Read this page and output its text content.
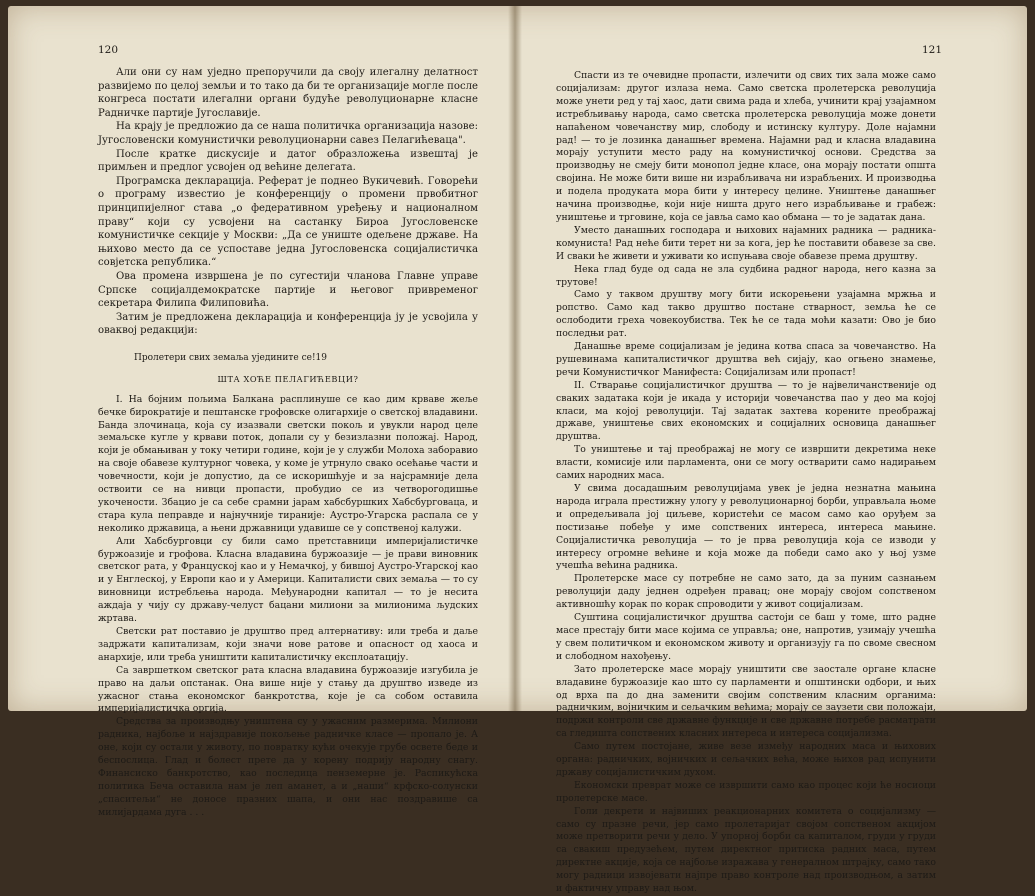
120	121

Али они су нам уједно препоручили да своју илегалну делатност развијемо по целој земљи и то тако да би те организације могле после конгреса постати илегални органи будуће револуционарне класне Радничке партије Југославије.

На крају је предложио да се наша политичка организација назове: Југословенски комунистички револуционарни савез Пелагићеваца".

После кратке дискусије и датог образложења извештај је примљен и предлог усвојен од већине делегата.

Програмска декларација. Реферат је поднео Вукичевић. Говорећи о програму известио је конференцију о промени првобитног принципијелног става „о федеративном уређењу и националном праву“ који су усвојени на састанку Бироа Југословенске комунистичке секције у Москви: „Да се униште одељене државе. На њихово место да се успоставе једна Југословенска социјалистичка совјетска република.“

Ова промена извршена је по сугестији чланова Главне управе Српске социјалдемократске партије и његовог привременог секретара Филипа Филиповића.

Затим је предложена декларација и конференција ју је усвојила у оваквој редакцији:

Пролетери свих земаља уједините се!19

ШТА ХОЋЕ ПЕЛАГИЋЕВЦИ?

I. На бојним пољима Балкана расплинуше се као дим крваве жеље бечке бирократије и пештанске грофовске олигархије о светској владавини. Банда злочинаца, која су изазвали светски покољ и увукли народ целе земаљске кугле у крвави поток, допали су у безизлазни положај. Народ, који је обмањиван у току четири године, који је у служби Молоха заборавио на своје обавезе културног човека, у коме је утрнуло свако осећање части и човечности, који је допустио, да се искоришћује и за најсрамније дела оствоити се на нивци пропасти, пробудио се из четворогодишње укочености. Збацио је са себе срамни јарам хабсбуршких Хабсбурговаца, и стара кула пеправде и најнучније тираније: Аустро-Угарска распала се у неколико државица, а њени државници удавише се у сопственој калужи.

Али Хабсбурговци су били само претставници империјалистичке буржоазије и грофова. Класна владавина буржоазије — је прави виновник светског рата, у Француској као и у Немачкој, у бившој Аустро-Угарској као и у Енглеској, у Европи као и у Америци. Капиталисти свих земаља — то су виновници истребљења народа. Међународни капитал — то је несита аждаја у чију су државу-челуст бацани милиони за милионима људских жртава.

Светски рат поставио је друштво пред алтернативу: или треба и даље задржати капитализам, који значи нове ратове и опасност од хаоса и анархије, или треба уништити капиталистичку експлоатацију.

Са завршетком светског рата класна владавина буржоазије изгубила је право на даљи опстанак. Она више није у стању да друштво изведе из ужасног стања економског банкротства, које је са собом оставила империјалистичка оргија.

Средства за производњу уништена су у ужасним размерима. Милиони радника, најбоље и најздравије покољење радничке класе — пропало је. А оне, који су остали у животу, по повратку кући очекује грубе освете беде и беспослица. Глад и болест прете да у корену подрију народну снагу. Финансиско банкротство, као последица пенземерне је. Распикућска политика Беча оставила нам је леп аманет, а и „наши“ крфско-солунски „спаситељи“ не доносе празних шапа, и они нас поздравише са милијардама дуга . . .

Спасти из те очевидне пропасти, излечити од свих тих зала може само социјализам: другог излаза нема. Само светска пролетерска револуција може унети ред у тај хаос, дати свима рада и хлеба, учинити крај узајамном истребљивању народа, само светска пролетерска револуција може донети напаћеном човечанству мир, слободу и истинску културу. Доле најамни рад! — то је лозинка данашњег времена. Најамни рад и класна владавина морају уступити место раду на комунистичкој основи. Средства за производњу не смеју бити монопол једне класе, она морају постати општа својина. Не може бити више ни израбљивача ни израбљених. И производња и подела продуката мора бити у интересу целине. Уништење данашњег начина производње, који није ништа друго него израбљивање и грабеж: уништење и трговине, која се јавља само као обмана — то је задатак дана.

Уместо данашњих господара и њихових најамних радника — радника-комуниста! Рад неће бити терет ни за кога, јер ће поставити обавезе за све. И сваки ће живети и уживати ко испуњава своје обавезе према друштву.

Нека глад буде од сада не зла судбина радног народа, него казна за трутове!

Само у таквом друштву могу бити искорењени узајамна мржња и ропство. Само кад такво друштво постане стварност, земља ће се ослободити греха човекоубиства. Тек ће се тада моћи казати: Ово је био последњи рат.

Данашње време социјализам је једина котва спаса за човечанство. На рушевинама капиталистичког друштва већ сијају, као огњено знамење, речи Комунистичког Манифеста: Социјализам или пропаст!

II. Стварање социјалистичког друштва — то је највеличанственије од сваких задатака који је икада у историји човечанства пао у део ма којој класи, ма којој револуцији. Тај задатак захтева корените преображај државе, уништење свих економских и социјалних основица данашњег друштва.

То уништење и тај преображај не могу се извршити декретима неке власти, комисије или парламента, они се могу остварити само надирањем самих народних маса.

У свима досадашњим револуцијама увек је једна незнатна мањина народа играла престижну улогу у револуционарној борби, управљала њоме и опредељивала јој циљеве, користећи се масом само као оруђем за постизање побеђе у име сопствених интереса, интереса мањине. Социјалистичка револуција — то је прва револуција која се изводи у интересу огромне већине и која може да победи само ако у њој узме учешћа већина радника.

Пролетерске масе су потребне не само зато, да за пуним сазнањем револуцији даду једнен одређен правац; оне морају својом сопственом активношћу корак по корак спроводити у живот социјализам.

Суштина социјалистичког друштва састоји се баш у томе, што радне масе престају бити масе којима се управља; оне, напротив, узимају учешћа у свем политичком и економском животу и организују га по своме свесном и слободном нахођењу.

Зато пролетерске масе морају уништити све заостале органе класне владавине буржоазије као што су парламенти и општински одбори, и њих од врха па до дна заменити својим сопственим класним органима: радничким, војничким и сељачким већима; морају се заузети сви положаји, подржи контроли све државне функције и све државне потребе расматрати са гледишта сопствених класних интереса и интереса социјализма.

Само путем постојане, живе везе између народних маса и њихових органа: радничких, војничких и сељачких већа, може њихов рад испунити државу социјалистичким духом.

Економски преврат може се извршити само као процес који ће носиоци пролетерске масе.

Голи декрети и највиших реакционарних комитета о социјализму — само су празне речи, јер само пролетаријат својом сопственом акцијом може претворити речи у дело. У упорној борби са капиталом, груди у груди са свакиш предузећем, путем директног притиска радних маса, путем директне акције, која се најбоље изражава у генералном штрајку, само тако могу радници извојевати најпре право контроле над производњом, а затим и фактичну управу над њом.
